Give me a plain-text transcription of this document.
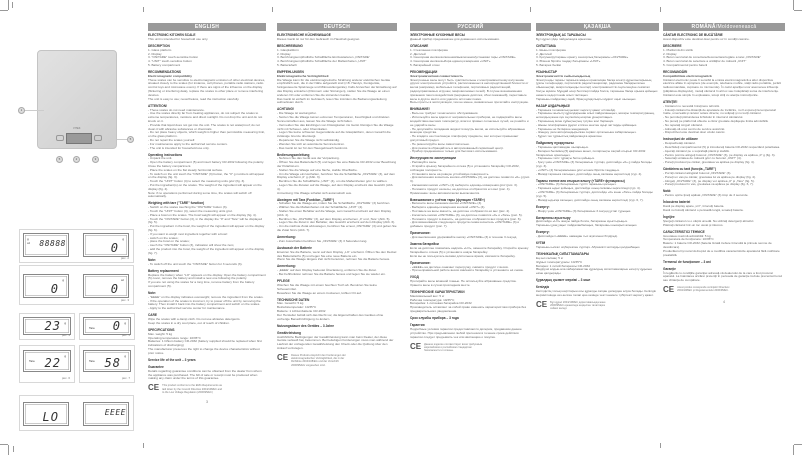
VITEK
1
5
5	2	3
88888
g oz	0
g
рис. 2
0
g
0
oz
рис. 3
23 g
рис. 4
0 g
Tare
рис. 5
22 g
Tare
рис. 6
58 g
Tare
рис. 7
LO	EEEE
ENGLISH
ELECTRONIC KITCHEN SCALE
This unit is intended for household use only.
DESCRIPTION
1. Glass platform
2. Display
3. "ON/TARE" touch-sensitive button
4. "UNIT" touch-sensitive button
5. Battery compartment
RECOMMENDATIONS
Electromagnetic compatibility
These scales can be sensitive to electromagnetic emission of other electrical devices, situated closely to the scales (for instance, cell phones, portable radio stations, radio control toys and microwave ovens). If there are signs of the influence on the display (flickering or interfering data), replace the scales to other place or remove interfering devices.
The unit is easy to use; nevertheless, read the instruction carefully.
ATTENTION!
- These scales do not need maintenance.
- Use the scales directly far from heating appliances, do not subject the scales to extreme temperatures, moisture and direct sunlight. Do not drop the unit and do not knock on it.
- Provide that liquid does not get into the unit. The scales is not waterproof; do not clean it with abrasive substances or chemicals.
- Do not place heavy objects, which weight is higher than permissible measuring limit, on the glass platform.
- Do not repair the scales yourself.
- For maintenance apply to the authorized service centers.
- The unit is intended for household use only.
Operating instructions
- Unpack the unit.
- Open the battery compartment (5) and insert battery CR-2032 following the polarity. Close the battery compartment.
- Place the scales on the flat steady horizontal surface.
- To switch on the unit touch the "ON/TARE" (3) button, the "0" g numbers will appear on the display (fig. 3).
- Touch the "UNIT" button (4) to select the measuring units g/oz (fig. 3).
- Put the ingredient(s) on the scales. The weight of the ingredient will appear on the display (fig. 4).
Note: if no operations performed during some time, the scales will switch off automatically.
Weighing with tare ("TARE" function)
- Switch on the scales touching the "ON/TARE" button (3).
- Touch the "UNIT" button (4), select the measuring units g/oz.
- Place a bowl on the scales. The bowl weight will appear on the display (fig. 4).
- Touch the "ON/TARE" button (3), in the display the "0" and "Tare" will be displayed (fig. 5).
- Put the ingredient in the bowl, the weight of the ingredient will appear on the display (fig. 6).
- If you want to weigh next ingredient together with a bowl:
- switch on the scales;
- place the bowl on the scales;
- touch the "ON/TARE" button (3), indication will show the zero;
- add the product into the bowl, the weight of the ingredient will appear on the display (fig. 7).
Note:
- To switch off the unit touch the "ON/TARE" button for 3 seconds (3).
Battery replacement
Replace the battery when "LO" appears on the display. Open the battery compartment (5) cover, remove the battery and install a new one following the polarity.
If you are not using the scales for a long time, remove battery from the battery compartment (5).
Note:
- "EEEE" on the display indicates overweight; remove the ingredient from the scales.
- If the operation of the scales is incorrect, try to power off the unit by removing the battery. Then install it back into the battery compartment and switch on the scales.
- Apply to the authorized service center for maintenance.
CARE
Wipe the scales with a damp cloth. Do not use abrasive detergents.
Keep the scales in a dry cool place, out of reach of children.
SPECIFICATIONS
Max. weight: 5 kg
Operating temperature range: 10/35°C
Batteries: 1 lithium battery CR-2032 (battery supplied should be replaced when first indications of discharging)
The manufacturer preserves the right to change the device characteristics without prior notice.
Service life of the unit – 3 years
Guarantee
Details regarding guarantee conditions can be obtained from the dealer from whom the appliance was purchased. The bill of sale or receipt must be produced when making any claim under the terms of this guarantee.
CE This product conforms to the EMC-Requirements as laid down by the Council Directive 2004/108/EC and to the Low Voltage Regulation (2006/95/EC)
3
DEUTSCH
ELEKTRONISCHE KÜCHENWAAGE
Dieses Gerät ist nur für den Gebrauch im Haushalt geeignet.
BESCHREIBUNG
1. Glasplattform
2. Display
3. Berührungsempfindliche Schaltfläche Ein/Austarieren „ON/TARE“
4. Berührungsempfindliche Schaltfläche der Maßeinheiten „UNIT“
5. Batteriefach
EMPFEHLUNGEN
Elektromagnetische Verträglichkeit
Die Waage kann für die elektromagnetische Strahlung anderer elektrischen Geräte empfindlich sein, die in der Nähe aufgestellt sind (z.B. Handys, Funkgeräte, funkgesteuerte Spielzeuge und Mikrowellengeräte). Falls Anzeichen der Einwirkung auf das Display entstehen (Flimmern oder Störungen), stellen Sie die Waage an einen anderen Ort oder entfernen Sie die störenden Geräte.
Das Gerät ist einfach im Gebrauch, lesen Sie trotzdem die Bedienungsanleitung aufmerksam durch.
ACHTUNG!
- Die Waage ist wartungsfrei.
- Setzen Sie die Waage keinen extremen Temperaturen, Feuchtigkeit und direkten Sonnenstrahlen aus, lassen Sie die Waage nicht fallen.
- Vermeiden Sie das Eindringen von Flüssigkeiten ins Gerät. Reinigen Sie die Waage nicht mit Scheuer- oder Chemikalien.
- Legen Sie keine schweren Gegenstände auf die Glasplattform, deren Gewicht die zulässige Grenze übersteigt.
- Reparieren Sie die Waage nicht selbständig.
- Wenden Sie sich an autorisierte Servicezentren.
- Das Gerät ist nur für den Hausgebrauch bestimmt.
Bedienungsanleitung
- Nehmen Sie das Gerät aus der Verpackung.
- Öffnen Sie das Batteriefach (5) und legen Sie eine Batterie CR-2032 unter Beachtung der Polarität ein.
- Stellen Sie die Waage auf eine flache, stabile Oberfläche.
- Um die Waage einzuschalten, berühren Sie die Schaltfläche „ON/TARE“ (3), auf dem Display erscheint „0“ g (Abb. 3).
- Berühren Sie die Schaltfläche „UNIT“ (4), um die Maßeinheiten g/oz zu wählen.
- Legen Sie die Zutaten auf die Waage, auf dem Display erscheint das Gewicht (Abb. 4).
Anmerkung: Die Waage schaltet sich automatisch aus.
Abwiegen mit Tara (Funktion „TARE“)
- Schalten Sie die Waage ein, indem Sie die Schaltfläche „ON/TARE“ (3) berühren.
- Wählen Sie die Maßeinheiten mit der Schaltfläche „UNIT“ (4).
- Stellen Sie einen Behälter auf die Waage, sein Gewicht erscheint auf dem Display (Abb. 4).
- Berühren Sie „ON/TARE“ (3), auf dem Display erscheinen „0“ und „Tare“ (Abb. 5).
- Legen Sie die Zutat in den Behälter, das Gewicht erscheint auf dem Display (Abb. 6).
- Um die nächste Zutat abzuwiegen, berühren Sie erneut „ON/TARE“ (3) und geben Sie die Zutat hinzu (Abb. 7).
Anmerkung:
- Zum Ausschalten berühren Sie „ON/TARE“ (3) 3 Sekunden lang.
Austausch der Batterie
Ersetzen Sie die Batterie, wenn auf dem Display „LO“ erscheint. Öffnen Sie den Deckel des Batteriefachs (5) und legen Sie eine neue Batterie ein.
Wenn Sie die Waage längere Zeit nicht benutzen, nehmen Sie die Batterie heraus.
Anmerkung:
- „EEEE“ auf dem Display bedeutet Überlastung, entfernen Sie die Zutat.
- Bei Fehlfunktion nehmen Sie die Batterie heraus und legen Sie sie wieder ein.
PFLEGE
Wischen Sie die Waage mit einem feuchten Tuch ab. Benutzen Sie keine Scheuermittel.
Bewahren Sie die Waage an einem trockenen, kühlen Ort auf.
TECHNISCHE DATEN
Max. Gewicht: 5 kg
Betriebstemperatur: 10/35°C
Batterie: 1 Lithiumbatterie CR-2032
Der Hersteller behält sich das Recht vor, die Eigenschaften des Gerätes ohne vorherige Benachrichtigung zu ändern.
Nutzungsdauer des Gerätes – 3 Jahre
Gewährleistung
Ausführliche Bedingungen der Gewährleistung kann man beim Dealer, der diese Geräte verkauft hat, bekommen. Bei beliebigen Forderungen muss man während der Laufzeit der vorliegenden Gewährleistung den Check oder die Quittung über den Ankauf vorzulegen.
CE Dieses Produkt entspricht den Forderungen der elektromagnetischen Verträglichkeit, die in der Richtlinie 2004/108/EG und der Vorschrift 2006/95/EG vorgesehen sind.
РУССКИЙ
ЭЛЕКТРОННЫЕ КУХОННЫЕ ВЕСЫ
Данный прибор предназначен для домашнего использования.
ОПИСАНИЕ
1. Стеклянная платформа
2. Дисплей
3. Сенсорная кнопка включения/выключения/установки тары «ON/TARE»
4. Сенсорная кнопка выбора единиц измерения «UNIT»
5. Батарейный отсек
РЕКОМЕНДАЦИИ
Электромагнитная совместимость
Электронные весы могут быть чувствительны к электромагнитному излучению других электрических устройств, расположенных в непосредственной близости от весов (например, мобильных телефонов, портативных радиостанций, радиоуправляемых игрушек, микроволновых печей). В случае возникновения признаков такого воздействия (мерцание дисплея, сбои показаний), переставьте весы в другое место или удалите источник помех.
Весы просты в эксплуатации, тем не менее, внимательно прочитайте инструкцию.
ВНИМАНИЕ!
- Весы не требуют технического обслуживания.
- Используйте весы вдали от нагревательных приборов, не подвергайте весы воздействию высоких температур, влаги и прямых солнечных лучей, не роняйте и не ударяйте весы.
- Не допускайте попадания жидкости внутрь весов, не используйте абразивные моющие средства.
- Не кладите на стеклянную платформу предметы, вес которых превышает допустимый предел.
- Не ремонтируйте весы самостоятельно.
- Для ремонта обращайтесь в авторизованный сервисный центр.
- Прибор предназначен только для бытового использования.
Инструкция по эксплуатации
- Распакуйте весы.
- Откройте крышку батарейного отсека (5) и установите батарейку CR-2032, соблюдая полярность.
- Установите весы на ровную устойчивую поверхность.
- Для включения коснитесь кнопки «ON/TARE» (3), на дисплее появится «0» g (рис. 3).
- Касаниями кнопки «UNIT» (4) выберите единицы измерения g/oz (рис. 3).
- Положите продукт на весы, на дисплее отобразится его вес (рис. 4).
Примечание: весы автоматически выключаются.
Взвешивание с учётом тары (функция «TARE»)
- Включите весы касанием кнопки «ON/TARE» (3).
- Выберите единицы измерения кнопкой «UNIT» (4).
- Поставьте на весы ёмкость, на дисплее отобразится её вес (рис. 4).
- Коснитесь кнопки «ON/TARE» (3), на дисплее появятся «0» и «Tare» (рис. 5).
- Положите продукт в ёмкость, на дисплее отобразится вес продукта (рис. 6).
- Для взвешивания следующего продукта снова коснитесь «ON/TARE» (3) и добавьте продукт (рис. 7).
Примечание:
- Для выключения удерживайте кнопку «ON/TARE» (3) в течение 3 секунд.
Замена батарейки
Если на дисплее появилась надпись «LO», замените батарейку. Откройте крышку батарейного отсека (5) и установите новую батарейку.
Если вы не пользуетесь весами длительное время, извлеките батарейку.
Примечание:
- «EEEE» на дисплее означает перегрузку, снимите продукт с весов.
- При неправильной работе весов извлеките батарейку и установите её снова.
УХОД
Протирайте весы влажной тканью. Не используйте абразивные средства.
Храните весы в сухом прохладном месте.
ТЕХНИЧЕСКИЕ ХАРАКТЕРИСТИКИ
Максимальный вес: 5 кг
Рабочая температура: 10/35°C
Батарейка: 1 литиевая батарейка CR-2032
Производитель оставляет за собой право изменять характеристики прибора без предварительного уведомления.
Срок службы прибора – 3 года
Гарантия
Подробные условия гарантии предоставляются дилером, продавшим данное устройство. При предъявлении любой претензии в течение срока действия гарантии следует предъявить чек или квитанцию о покупке.
CE Данное изделие соответствует всем требуемым европейским и российским стандартам безопасности и гигиены.
ҚАЗАҚША
ЭЛЕКТРОНДЫҚ АС ТАРАЗЫСЫ
Бұл құрал үйде пайдалануға арналған.
СИПАТТАМА
1. Шыны платформа
2. Дисплей
3. Қосу/өшіру/тараны орнату сенсорлық батырмасы «ON/TARE»
4. Өлшем бірлігін таңдау батырмасы «UNIT»
5. Батарея бөлімі
ҰСЫНЫСТАР
Электромагниттік сыйысымдылық
Электронды таразы таразыға жақын орналасқан басқа электр құрылғыларының (ұялы телефондар, портативтік радиостанциялар, радиомен басқарылатын ойыншықтар, микротолқынды пештер) электромагниттік сәулеленуіне сезімтал болуы мүмкін. Мұндай әсер белгілері пайда болса, таразыны басқа орынға қойыңыз немесе кедергі көзін алып тастаңыз.
Таразыны пайдалану оңай, бірақ нұсқаулықты мұқият оқып шығыңыз.
НАЗАР АУДАРЫҢЫЗ!
- Таразыға техникалық қызмет көрсету қажет етілмейді.
- Таразыны жылыту құралдарынан алыс пайдаланыңыз, жоғары температураның, ылғалдың және күн сәулесінің әсеріне ұшыратпаңыз.
- Таразының ішіне сұйықтықтың түсуіне жол бермеңіз.
- Шыны платформаға рұқсат етілген шектен ауыр заттарды қоймаңыз.
- Таразыны өз бетіңізше жөндемеңіз.
- Жөндеу үшін авторландырылған сервис орталығына хабарласыңыз.
- Құрал тек тұрмыстық пайдалануға арналған.
Пайдалану нұсқаулығы
- Таразыны қаптамадан шығарыңыз.
- Батарея бөлімінің (5) қақпағын ашып, полярлықты сақтай отырып CR-2032 батареясын орнатыңыз.
- Таразыны тегіс тұрақты бетке қойыңыз.
- Қосу үшін «ON/TARE» (3) батырмасын түртіңіз, дисплейде «0» g пайда болады (сур. 3).
- «UNIT» (4) батырмасымен g/oz өлшем бірлігін таңдаңыз.
- Өнімді таразыға салыңыз, дисплейде оның салмағы көрсетіледі (сур. 4).
Тараны есепке ала отырып өлшеу («TARE» функциясы)
- «ON/TARE» (3) батырмасын түртіп таразыны қосыңыз.
- Таразыға ыдыс қойыңыз, дисплейде оның салмағы көрсетіледі (сур. 4).
- «ON/TARE» (3) батырмасын түртіңіз, дисплейде «0» және «Tare» пайда болады (сур. 5).
- Өнімді ыдысқа салыңыз, дисплейде оның салмағы көрсетіледі (сур. 6, 7).
Ескерту:
- Өшіру үшін «ON/TARE» (3) батырмасын 3 секунд ұстап тұрыңыз.
Батареяны ауыстыру
Дисплейде «LO» жазуы пайда болса, батареяны ауыстырыңыз.
Таразыны ұзақ уақыт пайдаланбасаңыз, батареяны шығарып алыңыз.
Ескерту:
- Дисплейдегі «EEEE» шамадан тыс жүктемені білдіреді.
КҮТІМ
Таразыны ылғал шүберекпен сүртіңіз. Абразивті заттарды қолданбаңыз.
ТЕХНИКАЛЫҚ СИПАТТАМАЛАРЫ
Ең көп салмақ: 5 кг
Жұмыс температурасы: 10/35°C
Батарея: 1 литий батареясы CR-2032
Өндіруші алдын-ала хабарламастан құралдың сипаттамаларын өзгерту құқығын өзіне қалдырады.
Құралдың қызмет мерзімі – 3 жыл
Кепілдік
Кепілдіктің толық шарттарын осы құралды сатқан дилерден алуға болады. Кепілдік мерзімі ішінде кез-келген талап қою кезінде чекті немесе түбіртекті көрсету қажет.
CE Бұл құрал 2004/108/EC директивасында және 2006/95/EC ережесінде көзделген талаптарға сәйкес келеді.
ROMÂNĂ/Moldovenească
CÂNTAR ELECTRONIC DE BUCĂTĂRIE
Acest dispozitiv este destinat doar pentru uz în condiţii casnice.
DESCRIERE
1. Platformă din sticlă
2. Display
3. Buton senzorial de conectare/deconectare/reglare a tarei „ON/TARE”
4. Buton senzorial de selectare a unităţilor de măsură „UNIT”
5. Compartimentul pentru baterii
RECOMANDĂRI
Compatibilitate electromagnetică
Cântarul electronic poate fi sensibil la emisia electromagnetică a altor dispozitive electrice aflate în apropiere (de exemplu, telefoane mobile, staţii radio portabile, jucării radiocomandate, cuptoare cu microunde). În cazul apariţiei unor asemenea influenţe (pâlpâirea displayului), mutaţi cântarul în alt loc sau îndepărtaţi sursa de interferenţe.
Cântarul este simplu în exploatare, totuşi citiţi cu atenţie instrucţiunile.
ATENŢIE!
- Cântarul nu necesită întreţinere tehnică.
- Folosiţi cântarul la distanţă de aparatele de încălzire, nu îl expuneţi la temperaturi înalte, umezeală şi razelor solare directe; nu scăpaţi şi nu loviţi cântarul.
- Nu permiteţi pătrunderea lichidului în interiorul cântarului.
- Nu puneţi pe platformă obiecte a căror greutate depăşeşte limita admisibilă.
- Nu reparaţi singuri cântarul.
- Adresaţi-vă unui centru de service autorizat.
- Dispozitivul este destinat doar uzului casnic.
Instrucţiuni de utilizare
- Despachetaţi cântarul.
- Deschideţi compartimentul (5) şi introduceţi bateria CR-2032 respectând polaritatea.
- Aşezaţi cântarul pe o suprafaţă plană şi stabilă.
- Pentru pornire atingeţi butonul „ON/TARE” (3), pe display va apărea „0” g (fig. 3).
- Selectaţi unitatea de măsură g/oz cu butonul „UNIT” (4).
- Puneţi produsul pe cântar, greutatea va apărea pe display (fig. 4).
Cântărirea cu tară (funcţia „TARE”)
- Porniţi cântarul atingând butonul „ON/TARE” (3).
- Puneţi un vas pe cântar, greutatea lui va apărea pe display (fig. 4).
- Atingeţi „ON/TARE” (3), pe display vor apărea „0” şi „Tare” (fig. 5).
- Puneţi produsul în vas, greutatea va apărea pe display (fig. 6, 7).
Notă:
- Pentru oprire ţineţi apăsat „ON/TARE” (3) timp de 3 secunde.
Înlocuirea bateriei
Dacă pe display apare „LO”, înlocuiţi bateria.
Dacă nu folosiţi cântarul o perioadă lungă, scoateţi bateria.
Îngrijire
Ştergeţi cântarul cu o cârpă umedă. Nu utilizaţi detergenţi abrazivi.
Păstraţi cântarul într-un loc uscat şi răcoros.
CARACTERISTICI TEHNICE
Greutatea maximă admisibilă: 5 kg
Temperatura de funcţionare: 10/35°C
Baterie: 1 baterie CR-2032 (bateria livrată trebuie înlocuită la primele semne de descărcare)
Producătorul îşi rezervă dreptul de a modifica caracteristicile aparatului fără notificare prealabilă.
Termenul de funcţionare – 3 ani
Garanţie
În legătură cu condiţiile garanţiei adresaţi-vă dealerului de la care a fost procurat aparatul. La înaintarea oricărei pretenţii în perioada de garanţie trebuie prezentat bonul sau chitanţa de cumpărare.
CE Acest produs corespunde cerinţelor Directivei 2004/108/EC şi Regulamentului 2006/95/EC.
4
